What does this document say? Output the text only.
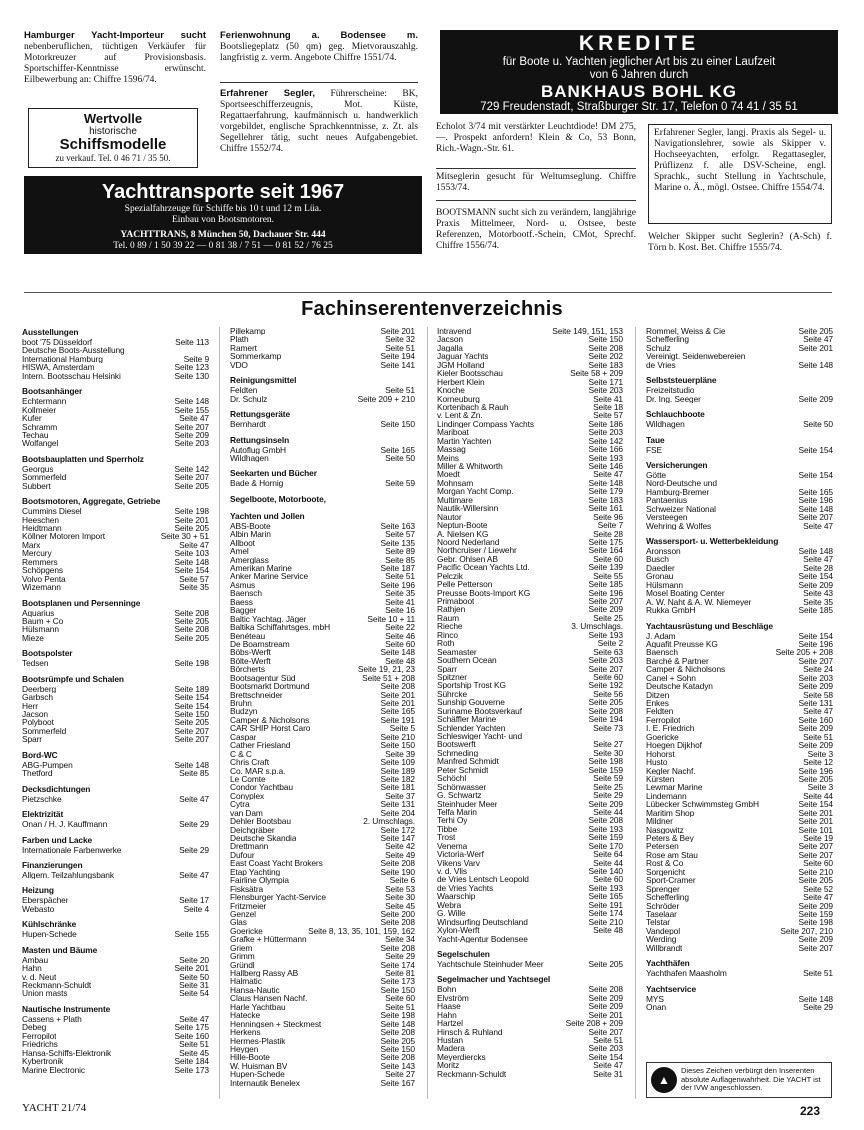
Hamburger Yacht-Importeur sucht nebenberuflichen, tüchtigen Verkäufer für Motorkreuzer auf Provisionsbasis. Sportschiffer-Kenntnisse erwünscht. Eilbewerbung an: Chiffre 1596/74.
Wertvolle
historische
Schiffsmodelle
zu verkauf. Tel. 0 46 71 / 35 50.
Ferienwohnung a. Bodensee m. Bootsliegeplatz (50 qm) geg. Mietvorauszahlg. langfristig z. verm. Angebote Chiffre 1551/74.
Erfahrener Segler, Führerscheine: BK, Sportseeschifferzeugnis, Mot. Küste, Regattaerfahrung, kaufmännisch u. handwerklich vorgebildet, englische Sprachkenntnisse, z. Zt. als Segellehrer tätig, sucht neues Aufgabengebiet. Chiffre 1552/74.
KREDITE
für Boote u. Yachten jeglicher Art bis zu einer Laufzeit
von 6 Jahren durch
BANKHAUS BOHL KG
729 Freudenstadt, Straßburger Str. 17, Telefon 0 74 41 / 35 51
Echolot 3/74 mit verstärkter Leuchtdiode! DM 275,—. Prospekt anfordern! Klein & Co, 53 Bonn, Rich.-Wagn.-Str. 61.
Mitseglerin gesucht für Weltumseglung. Chiffre 1553/74.
BOOTSMANN sucht sich zu verändern, langjährige Praxis Mittelmeer, Nord- u. Ostsee, beste Referenzen, Motorbootf.-Schein, CMot, Sprechf. Chiffre 1556/74.
Erfahrener Segler, langj. Praxis als Segel- u. Navigationslehrer, sowie als Skipper v. Hochseeyachten, erfolgr. Regattasegler, Prüflizenz f. alle DSV-Scheine, engl. Sprachk., sucht Stellung in Yachtschule, Marine o. Ä., mögl. Ostsee. Chiffre 1554/74.
Welcher Skipper sucht Seglerin? (A-Sch) f. Törn b. Kost. Bet. Chiffre 1555/74.
Yachttransporte seit 1967
Spezialfahrzeuge für Schiffe bis 10 t und 12 m Lüa.
Einbau von Bootsmotoren.
YACHTTRANS, 8 München 50, Dachauer Str. 444
Tel. 0 89 / 1 50 39 22 — 0 81 38 / 7 51 — 0 81 52 / 76 25
Fachinserentenverzeichnis
Ausstellungen
boot '75 Düsseldorf	Seite 113
Deutsche Boots-Ausstellung
International Hamburg	Seite 9
HISWA, Amsterdam	Seite 123
Intern. Bootsschau Helsinki	Seite 130
Bootsanhänger
Echtermann	Seite 148
Kollmeier	Seite 155
Kufer	Seite 47
Schramm	Seite 207
Techau	Seite 209
Wolfangel	Seite 203
Bootsbauplatten und Sperrholz
Georgus	Seite 142
Sommerfeld	Seite 207
Subbert	Seite 205
Bootsmotoren, Aggregate, Getriebe
Cummins Diesel	Seite 198
Heeschen	Seite 201
Heidtmann	Seite 205
Köllner Motoren Import	Seite 30 + 51
Marx	Seite 47
Mercury	Seite 103
Remmers	Seite 148
Schöpgens	Seite 154
Volvo Penta	Seite 57
Wizemann	Seite 35
Bootsplanen und Persenninge
Aquarius	Seite 208
Baum + Co	Seite 205
Hülsmann	Seite 208
Mieze	Seite 205
Bootspolster
Tedsen	Seite 198
Bootsrümpfe und Schalen
Deerberg	Seite 189
Garbsch	Seite 154
Herr	Seite 154
Jacson	Seite 150
Polyboot	Seite 205
Sommerfeld	Seite 207
Sparr	Seite 207
Bord-WC
ABG-Pumpen	Seite 148
Thetford	Seite 85
Decksdichtungen
Pietzschke	Seite 47
Elektrizität
Onan / H. J. Kauffmann	Seite 29
Farben und Lacke
Internationale Farbenwerke	Seite 29
Finanzierungen
Allgem. Teilzahlungsbank	Seite 47
Heizung
Eberspächer	Seite 17
Webasto	Seite 4
Kühlschränke
Hupen-Schede	Seite 155
Masten und Bäume
Ambau	Seite 20
Hahn	Seite 201
v. d. Neut	Seite 50
Reckmann-Schuldt	Seite 31
Union masts	Seite 54
Nautische Instrumente
Cassens + Plath	Seite 47
Debeg	Seite 175
Ferropilot	Seite 160
Friedrichs	Seite 51
Hansa-Schiffs-Elektronik	Seite 45
Kybertronik	Seite 184
Marine Electronic	Seite 173
Pillekamp	Seite 201
Plath	Seite 32
Ramert	Seite 51
Sommerkamp	Seite 194
VDO	Seite 141
Reinigungsmittel
Feldten	Seite 51
Dr. Schulz	Seite 209 + 210
Rettungsgeräte
Bernhardt	Seite 150
Rettungsinseln
Autoflug GmbH	Seite 165
Wildhagen	Seite 50
Seekarten und Bücher
Bade & Hornig	Seite 59
Segelboote, Motorboote,
Yachten und Jollen
ABS-Boote	Seite 163
Albin Marin	Seite 57
Allboot	Seite 135
Amel	Seite 89
Amerglass	Seite 85
Amerikan Marine	Seite 187
Anker Marine Service	Seite 51
Asmus	Seite 196
Baensch	Seite 35
Baess	Seite 41
Bagger	Seite 16
Baltic Yachtag. Jäger	Seite 10 + 11
Baltika Schiffahrtsges. mbH	Seite 22
Benéteau	Seite 46
De Boarnstream	Seite 60
Böbs-Werft	Seite 148
Bölte-Werft	Seite 48
Börcherts	Seite 19, 21, 23
Bootsagentur Süd	Seite 51 + 208
Bootsmarkt Dortmund	Seite 208
Brettschneider	Seite 201
Bruhn	Seite 201
Budzyn	Seite 165
Camper & Nicholsons	Seite 191
CAR SHIP Horst Caro	Seite 5
Caspar	Seite 210
Cather Friesland	Seite 150
C & C	Seite 39
Chris Craft	Seite 109
Co. MAR s.p.a.	Seite 189
Le Comte	Seite 182
Condor Yachtbau	Seite 181
Conyplex	Seite 37
Cytra	Seite 131
van Dam	Seite 204
Dehler Bootsbau	2. Umschlags.
Deichgräber	Seite 172
Deutsche Skandia	Seite 147
Drettmann	Seite 42
Dufour	Seite 49
East Coast Yacht Brokers	Seite 208
Etap Yachting	Seite 190
Fairline Olympia	Seite 6
Fisksätra	Seite 53
Flensburger Yacht-Service	Seite 30
Fritzmeier	Seite 45
Genzel	Seite 200
Glas	Seite 208
Goericke	Seite 8, 13, 35, 101, 159, 162
Grafke + Hüttermann	Seite 34
Griem	Seite 208
Grimm	Seite 29
Gründl	Seite 174
Hallberg Rassy AB	Seite 81
Halmatic	Seite 173
Hansa-Nautic	Seite 150
Claus Hansen Nachf.	Seite 60
Harle Yachtbau	Seite 51
Hatecke	Seite 198
Henningsen + Steckmest	Seite 148
Herkens	Seite 208
Hermes-Plastik	Seite 205
Heygen	Seite 150
Hille-Boote	Seite 208
W. Huisman BV	Seite 143
Hupen-Schede	Seite 27
Internautik Benelex	Seite 167
Intravend	Seite 149, 151, 153
Jacson	Seite 150
Jagalla	Seite 208
Jaguar Yachts	Seite 202
JGM Holland	Seite 183
Kieler Bootsschau	Seite 58 + 209
Herbert Klein	Seite 171
Knoche	Seite 203
Korneuburg	Seite 41
Kortenbach & Rauh	Seite 18
v. Lent & Zn.	Seite 57
Lindinger Compass Yachts	Seite 186
Mariboat	Seite 203
Martin Yachten	Seite 142
Massag	Seite 166
Meins	Seite 193
Miller & Whitworth	Seite 146
Moedt	Seite 47
Mohnsam	Seite 148
Morgan Yacht Comp.	Seite 179
Multimare	Seite 183
Nautik-Willersinn	Seite 161
Nautor	Seite 96
Neptun-Boote	Seite 7
A. Nielsen KG	Seite 28
Noord Nederland	Seite 175
Northcruiser / Liewehr	Seite 164
Gebr. Ohlsen AB	Seite 60
Pacific Ocean Yachts Ltd.	Seite 139
Pelczik	Seite 55
Pelle Petterson	Seite 185
Preusse Boots-Import KG	Seite 196
Primaboot	Seite 207
Rathjen	Seite 209
Raum	Seite 25
Rieche	3. Umschlags.
Rinco	Seite 193
Roth	Seite 2
Seamaster	Seite 63
Southern Ocean	Seite 203
Sparr	Seite 207
Spitzner	Seite 60
Sportship Trost KG	Seite 192
Sührcke	Seite 56
Sunship Gouverne	Seite 205
Suriname Bootsverkauf	Seite 208
Schäffler Marine	Seite 194
Schlender Yachten	Seite 73
Schleswiger Yacht- und
Bootswerft	Seite 27
Schmeding	Seite 30
Manfred Schmidt	Seite 198
Peter Schmidt	Seite 159
Schöchl	Seite 59
Schönwasser	Seite 25
G. Schwartz	Seite 29
Steinhuder Meer	Seite 209
Telfa Marin	Seite 44
Terhi Oy	Seite 208
Tibbe	Seite 193
Trost	Seite 159
Venema	Seite 170
Victoria-Werf	Seite 64
Vikens Varv	Seite 44
v. d. Vlis	Seite 140
de Vries Lentsch Leopold	Seite 60
de Vries Yachts	Seite 193
Waarschip	Seite 165
Webra	Seite 191
G. Wille	Seite 174
Windsurfing Deutschland	Seite 210
Xylon-Werft	Seite 48
Yacht-Agentur Bodensee
Segelschulen
Yachtschule Steinhuder Meer	Seite 205
Segelmacher und Yachtsegel
Bohn	Seite 208
Elvström	Seite 209
Haase	Seite 209
Hahn	Seite 201
Hartzel	Seite 208 + 209
Hinsch & Ruhland	Seite 207
Hustan	Seite 51
Madera	Seite 203
Meyerdiercks	Seite 154
Moritz	Seite 47
Reckmann-Schuldt	Seite 31
Rommel, Weiss & Cie	Seite 205
Schefferling	Seite 47
Schulz	Seite 201
Vereinigt. Seidenwebereien
de Vries	Seite 148
Selbststeuerpläne
Freizeitstudio
Dr. Ing. Seeger	Seite 209
Schlauchboote
Wildhagen	Seite 50
Taue
FSE	Seite 154
Versicherungen
Götte	Seite 154
Nord-Deutsche und
Hamburg-Bremer	Seite 165
Pantaenius	Seite 196
Schweizer National	Seite 148
Versteegen	Seite 207
Wehring & Wolfes	Seite 47
Wassersport- u. Wetterbekleidung
Aronsson	Seite 148
Busch	Seite 47
Daedler	Seite 28
Gronau	Seite 154
Hülsmann	Seite 209
Mosel Boating Center	Seite 43
A. W. Naht & A. W. Niemeyer	Seite 35
Rukka GmbH	Seite 185
Yachtausrüstung und Beschläge
J. Adam	Seite 154
Aquafit Preusse KG	Seite 196
Baensch	Seite 205 + 208
Barché & Partner	Seite 207
Camper & Nicholsons	Seite 24
Canel + Sohn	Seite 203
Deutsche Katadyn	Seite 209
Ditzen	Seite 58
Enkes	Seite 131
Feldten	Seite 47
Ferropilot	Seite 160
I. E. Friedrich	Seite 209
Goericke	Seite 51
Hoegen Dijkhof	Seite 209
Hohorst	Seite 3
Husto	Seite 12
Kegler Nachf.	Seite 196
Kürsten	Seite 205
Lewmar Marine	Seite 3
Lindemann	Seite 44
Lübecker Schwimmsteg GmbH	Seite 154
Maritim Shop	Seite 201
Mildner	Seite 201
Nasgowitz	Seite 101
Peters & Bey	Seite 19
Petersen	Seite 207
Rose am Stau	Seite 207
Rost & Co	Seite 60
Sorgenicht	Seite 210
Sport-Cramer	Seite 205
Sprenger	Seite 52
Schefferling	Seite 47
Schröder	Seite 209
Taselaar	Seite 159
Telstar	Seite 198
Vandepol	Seite 207, 210
Werding	Seite 209
Willbrandt	Seite 207
Yachthäfen
Yachthafen Maasholm	Seite 51
Yachtservice
MYS	Seite 148
Onan	Seite 29
▲
Dieses Zeichen verbürgt den Inserenten absolute Auflagenwahrheit. Die YACHT ist der IVW angeschlossen.
YACHT 21/74	223
